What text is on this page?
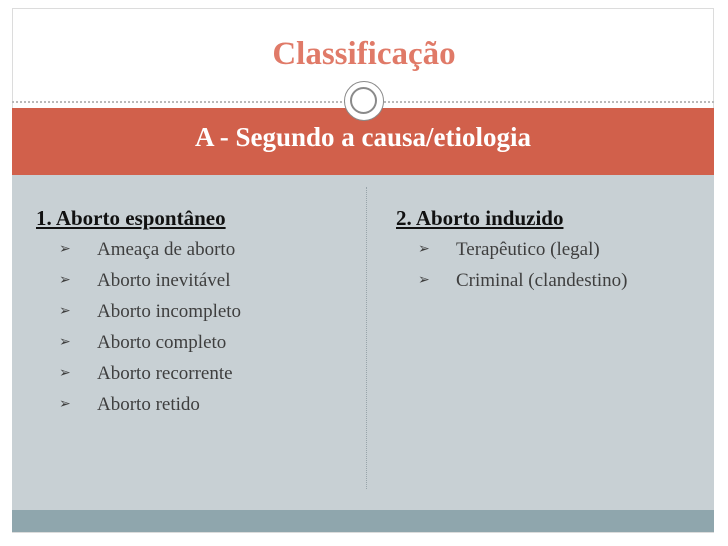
Classificação
A - Segundo a causa/etiologia
1. Aborto espontâneo
➢ Ameaça de aborto
➢ Aborto inevitável
➢ Aborto incompleto
➢ Aborto completo
➢ Aborto recorrente
➢ Aborto retido
2. Aborto induzido
➢ Terapêutico (legal)
➢ Criminal (clandestino)
